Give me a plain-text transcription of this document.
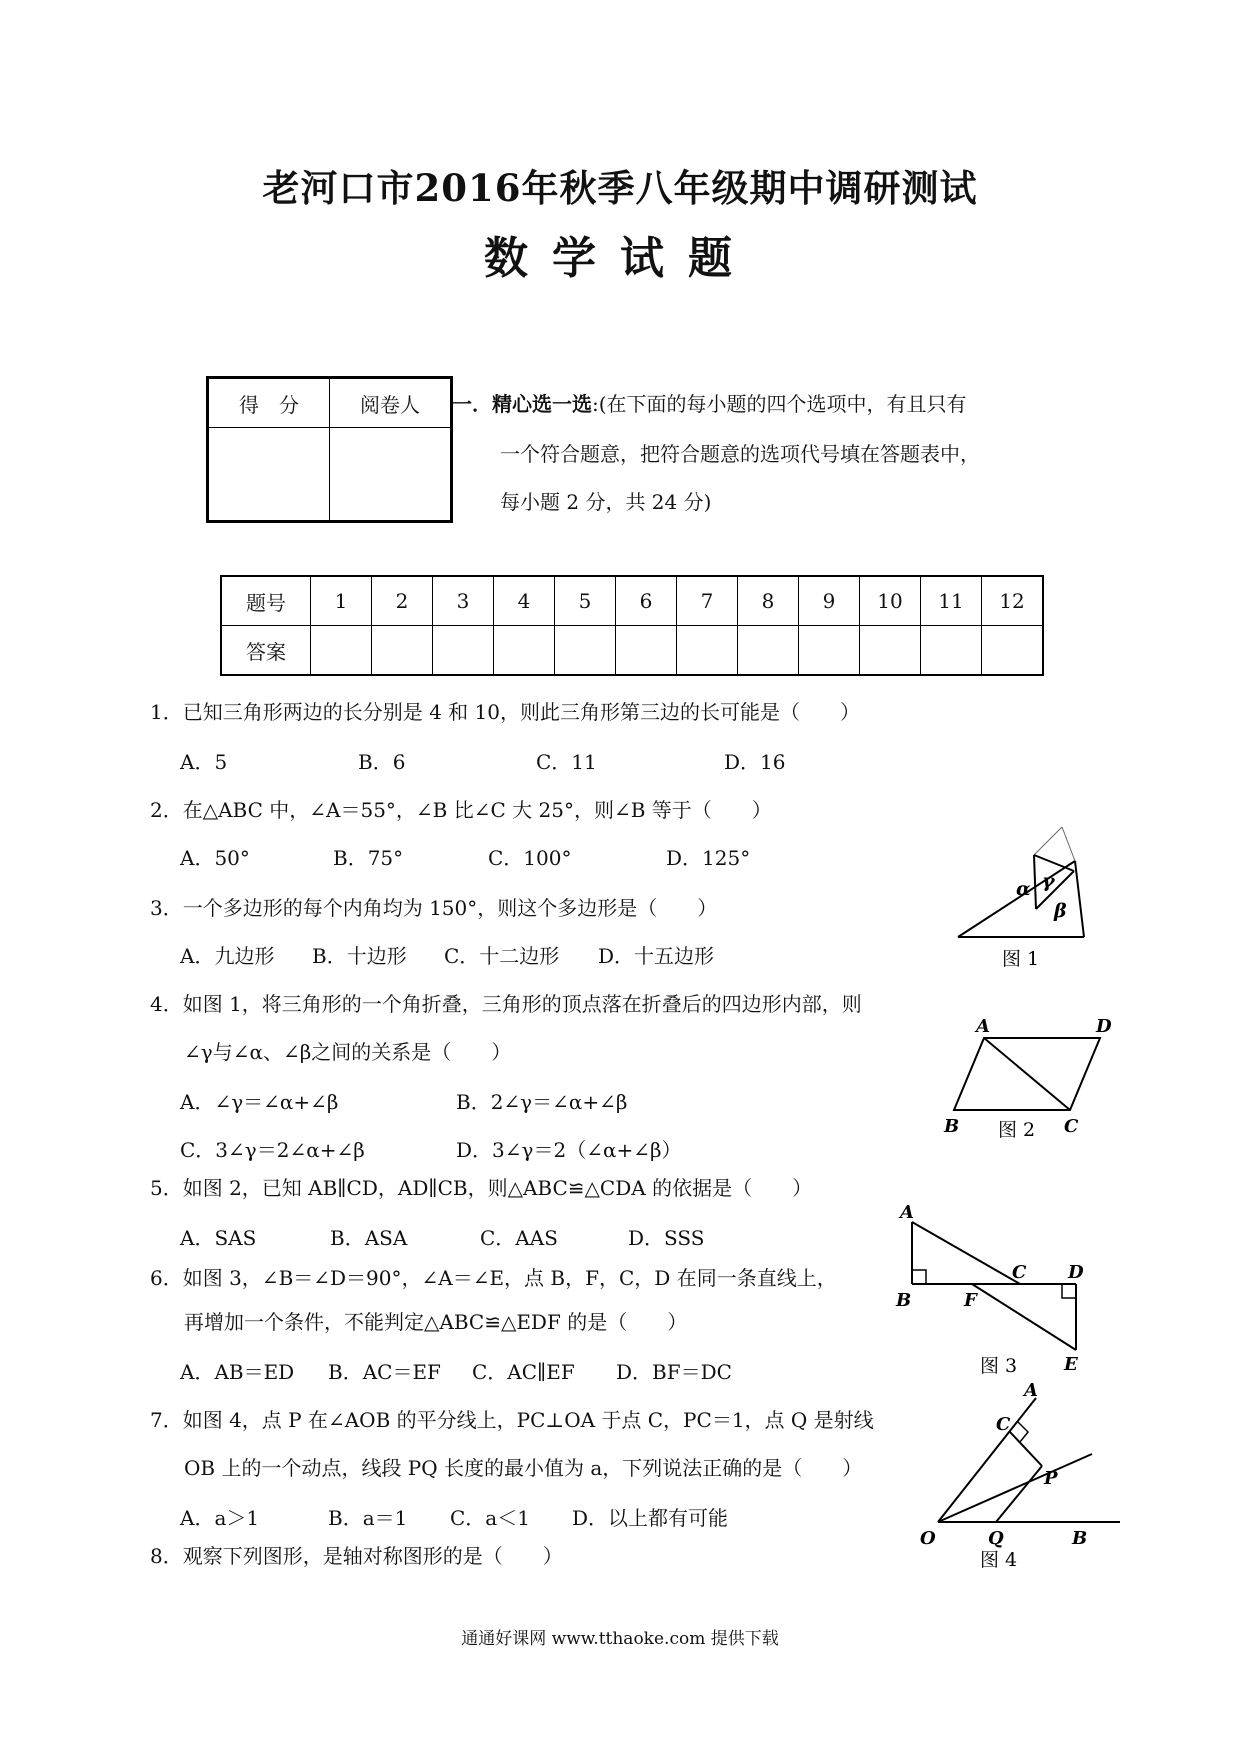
老河口市2016年秋季八年级期中调研测试
数学试题
得　分	阅卷人
	一．精心选一选:(在下面的每小题的四个选项中，有且只有
一个符合题意，把符合题意的选项代号填在答题表中，
每小题 2 分，共 24 分)
题号	1	2	3	4	5	6	7	8	9	10	11	12
答案												
1．已知三角形两边的长分别是 4 和 10，则此三角形第三边的长可能是（　　）
A．5	B．6	C．11	D．16
2．在△ABC 中，∠A＝55°，∠B 比∠C 大 25°，则∠B 等于（　　）
A．50°	B．75°	C．100°	D．125°
3．一个多边形的每个内角均为 150°，则这个多边形是（　　）
A．九边形 B．十边形 C．十二边形 D．十五边形
4．如图 1，将三角形的一个角折叠，三角形的顶点落在折叠后的四边形内部，则
∠γ与∠α、∠β之间的关系是（　　）
A．∠γ＝∠α+∠β	B．2∠γ＝∠α+∠β
C．3∠γ＝2∠α+∠β	D．3∠γ＝2（∠α+∠β）
5．如图 2，已知 AB∥CD，AD∥CB，则△ABC≌△CDA 的依据是（　　）
A．SAS	B．ASA	C．AAS	D．SSS
6．如图 3，∠B＝∠D＝90°，∠A＝∠E，点 B，F，C，D 在同一条直线上，
再增加一个条件，不能判定△ABC≌△EDF 的是（　　）
A．AB＝ED B．AC＝EF C．AC∥EF D．BF＝DC
7．如图 4，点 P 在∠AOB 的平分线上，PC⊥OA 于点 C，PC＝1，点 Q 是射线
OB 上的一个动点，线段 PQ 长度的最小值为 a，下列说法正确的是（　　）
A．a＞1	B．a＝1 C．a＜1 D．以上都有可能
8．观察下列图形，是轴对称图形的是（　　）
α γ
β
图 1
A	D
B	C
图 2
A
B	F
C D
E
图 3
A
C
P
O	Q	B
图 4
通通好课网 www.tthaoke.com 提供下载
